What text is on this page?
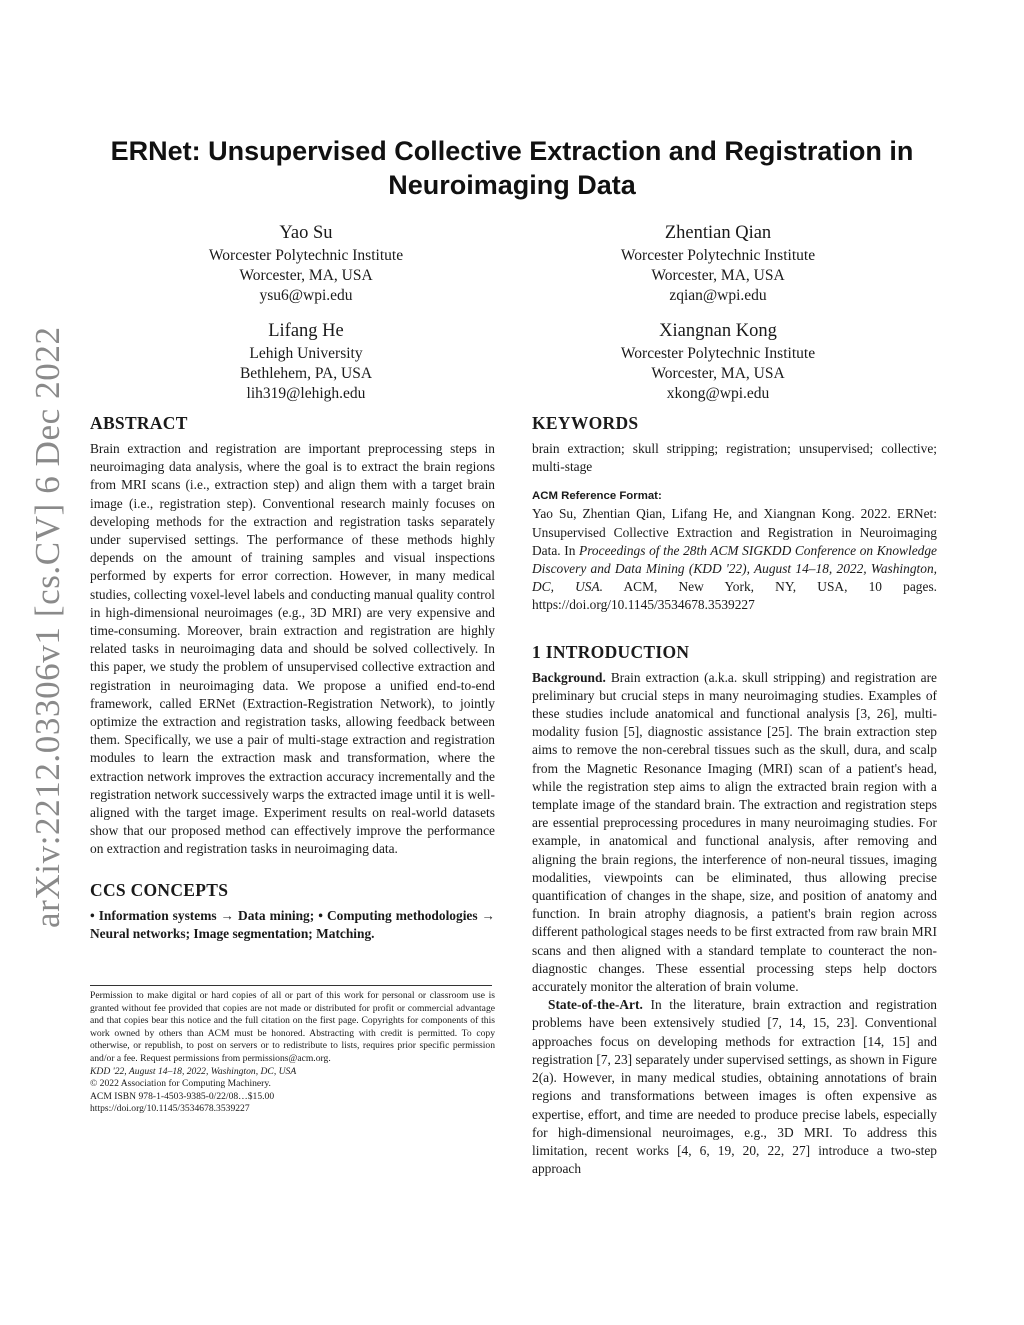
arXiv:2212.03306v1 [cs.CV] 6 Dec 2022
ERNet: Unsupervised Collective Extraction and Registration in Neuroimaging Data
Yao Su
Worcester Polytechnic Institute
Worcester, MA, USA
ysu6@wpi.edu
Zhentian Qian
Worcester Polytechnic Institute
Worcester, MA, USA
zqian@wpi.edu
Lifang He
Lehigh University
Bethlehem, PA, USA
lih319@lehigh.edu
Xiangnan Kong
Worcester Polytechnic Institute
Worcester, MA, USA
xkong@wpi.edu
ABSTRACT

Brain extraction and registration are important preprocessing steps in neuroimaging data analysis, where the goal is to extract the brain regions from MRI scans (i.e., extraction step) and align them with a target brain image (i.e., registration step). Conventional research mainly focuses on developing methods for the extraction and registration tasks separately under supervised settings. The performance of these methods highly depends on the amount of training samples and visual inspections performed by experts for error correction. However, in many medical studies, collecting voxel-level labels and conducting manual quality control in high-dimensional neuroimages (e.g., 3D MRI) are very expensive and time-consuming. Moreover, brain extraction and registration are highly related tasks in neuroimaging data and should be solved collectively. In this paper, we study the problem of unsupervised collective extraction and registration in neuroimaging data. We propose a unified end-to-end framework, called ERNet (Extraction-Registration Network), to jointly optimize the extraction and registration tasks, allowing feedback between them. Specifically, we use a pair of multi-stage extraction and registration modules to learn the extraction mask and transformation, where the extraction network improves the extraction accuracy incrementally and the registration network successively warps the extracted image until it is well-aligned with the target image. Experiment results on real-world datasets show that our proposed method can effectively improve the performance on extraction and registration tasks in neuroimaging data.

CCS CONCEPTS

• Information systems → Data mining; • Computing methodologies → Neural networks; Image segmentation; Matching.

Permission to make digital or hard copies of all or part of this work for personal or classroom use is granted without fee provided that copies are not made or distributed for profit or commercial advantage and that copies bear this notice and the full citation on the first page. Copyrights for components of this work owned by others than ACM must be honored. Abstracting with credit is permitted. To copy otherwise, or republish, to post on servers or to redistribute to lists, requires prior specific permission and/or a fee. Request permissions from permissions@acm.org.
KDD '22, August 14–18, 2022, Washington, DC, USA
© 2022 Association for Computing Machinery.
ACM ISBN 978-1-4503-9385-0/22/08…$15.00
https://doi.org/10.1145/3534678.3539227
KEYWORDS

brain extraction; skull stripping; registration; unsupervised; collective; multi-stage

ACM Reference Format:

Yao Su, Zhentian Qian, Lifang He, and Xiangnan Kong. 2022. ERNet: Unsupervised Collective Extraction and Registration in Neuroimaging Data. In Proceedings of the 28th ACM SIGKDD Conference on Knowledge Discovery and Data Mining (KDD '22), August 14–18, 2022, Washington, DC, USA. ACM, New York, NY, USA, 10 pages. https://doi.org/10.1145/3534678.3539227

1 INTRODUCTION

Background. Brain extraction (a.k.a. skull stripping) and registration are preliminary but crucial steps in many neuroimaging studies. Examples of these studies include anatomical and functional analysis [3, 26], multi-modality fusion [5], diagnostic assistance [25]. The brain extraction step aims to remove the non-cerebral tissues such as the skull, dura, and scalp from the Magnetic Resonance Imaging (MRI) scan of a patient's head, while the registration step aims to align the extracted brain region with a template image of the standard brain. The extraction and registration steps are essential preprocessing procedures in many neuroimaging studies. For example, in anatomical and functional analysis, after removing and aligning the brain regions, the interference of non-neural tissues, imaging modalities, viewpoints can be eliminated, thus allowing precise quantification of changes in the shape, size, and position of anatomy and function. In brain atrophy diagnosis, a patient's brain region across different pathological stages needs to be first extracted from raw brain MRI scans and then aligned with a standard template to counteract the non-diagnostic changes. These essential processing steps help doctors accurately monitor the alteration of brain volume.

State-of-the-Art. In the literature, brain extraction and registration problems have been extensively studied [7, 14, 15, 23]. Conventional approaches focus on developing methods for extraction [14, 15] and registration [7, 23] separately under supervised settings, as shown in Figure 2(a). However, in many medical studies, obtaining annotations of brain regions and transformations between images is often expensive as expertise, effort, and time are needed to produce precise labels, especially for high-dimensional neuroimages, e.g., 3D MRI. To address this limitation, recent works [4, 6, 19, 20, 22, 27] introduce a two-step approach
